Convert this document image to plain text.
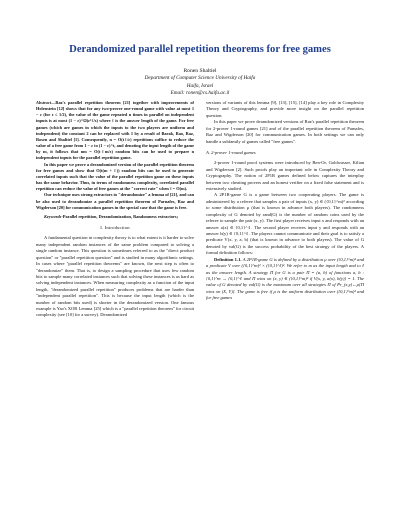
Derandomized parallel repetition theorems for free games
Ronen Shaltiel
Department of Computer Science University of Haifa
Haifa, Israel
Email: ronen@cs.haifa.ac.il

Abstract—Raz's parallel repetition theorem [21] together with improvements of Holenstein [12] shows that for any two-prover one-round game with value at most 1 − ε (for ε ≤ 1/2), the value of the game repeated n times in parallel on independent inputs is at most (1 − ε)^Ω(ε²ℓ/s) where ℓ is the answer length of the game. For free games (which are games in which the inputs to the two players are uniform and independent) the constant 2 can be replaced with 1 by a result of Barak, Rao, Raz, Rosen and Shaltiel [1]. Consequently, n = O(tℓ/ε) repetitions suffice to reduce the value of a free game from 1 − ε to (1 − ε)^t, and denoting the input length of the game by m, it follows that nm = O(tℓm/ε) random bits can be used to prepare n independent inputs for the parallel repetition game.

In this paper we prove a derandomized version of the parallel repetition theorem for free games and show that O(t(m + ℓ)) random bits can be used to generate correlated inputs such that the value of the parallel repetition game on these inputs has the same behavior. Thus, in terms of randomness complexity, correlated parallel repetition can reduce the value of free games at the "correct rate" when ℓ = O(m).

Our technique uses strong extractors to "derandomize" a lemma of [21], and can be also used to derandomize a parallel repetition theorem of Parnafes, Raz and Wigderson [20] for communication games in the special case that the game is free.

Keywords-Parallel repetition, Derandomization, Randomness extractors;

I. Introduction

A fundamental question in complexity theory is to what extent is it harder to solve many independent random instances of the same problem compared to solving a single random instance. This question is sometimes referred to as the "direct product question" or "parallel repetition question" and is studied in many algorithmic settings. In cases where "parallel repetition theorems" are known, the next step is often to "derandomize" them. That is, to design a sampling procedure that uses few random bits to sample many correlated instances such that solving these instances is as hard as solving independent instances. When measuring complexity as a function of the input length, "derandomized parallel repetition" produces problems that are harder than "independent parallel repetition". This is because the input length (which is the number of random bits used) is shorter in the derandomized version. One famous example is Yao's XOR Lemma [25] which is a "parallel repetition theorem" for circuit complexity (see [10] for a survey). Derandomized

versions of variants of this lemma [9], [13], [15], [14] play a key role in Complexity Theory and Cryptography, and provide more insight on the parallel repetition question.

In this paper we prove derandomized versions of Raz's parallel repetition theorem for 2-prover 1-round games [21] and of the parallel repetition theorem of Parnafes, Raz and Wigderson [20] for communication games. In both settings we can only handle a subfamily of games called "free games".

A. 2-prover 1-round games

2-prover 1-round proof systems were introduced by Ben-Or, Goldwasser, Kilian and Wigderson [2]. Such proofs play an important role in Complexity Theory and Cryptography. The notion of 2P1R games defined below captures the interplay between two cheating provers and an honest verifier on a fixed false statement and is extensively studied.

A 2P1R-game G is a game between two cooperating players. The game is administered by a referee that samples a pair of inputs (x, y) ∈ ({0,1}^m)² according to some distribution μ (that is known in advance both players). The randomness complexity of G denoted by rand(G) is the number of random coins used by the referee to sample the pair (x, y). The first player receives input x and responds with an answer a(x) ∈ {0,1}^ℓ. The second player receives input y and responds with an answer b(y) ∈ {0,1}^ℓ. The players cannot communicate and their goal is to satisfy a predicate V(x, y, a, b) (that is known in advance to both players). The value of G denoted by val(G) is the success probability of the best strategy of the players. A formal definition follows:

Definition 1.1. A 2P1R-game G is defined by a distribution μ over ({0,1}^m)² and a predicate V over ({0,1}^m)² × ({0,1}^ℓ)². We refer to m as the input length and to ℓ as the answer length. A strategy Π for G is a pair Π = (a, b) of functions a, b : {0,1}^m → {0,1}^ℓ and Π wins on (x, y) ∈ ({0,1}^m)² if V(x, y, a(x), b(y)) = 1. The value of G denoted by val(G) is the maximum over all strategies Π of Pr_(x,y)←μ[Π wins on (X, Y)]. The game is free if μ is the uniform distribution over ({0,1}^m)² and for free games
